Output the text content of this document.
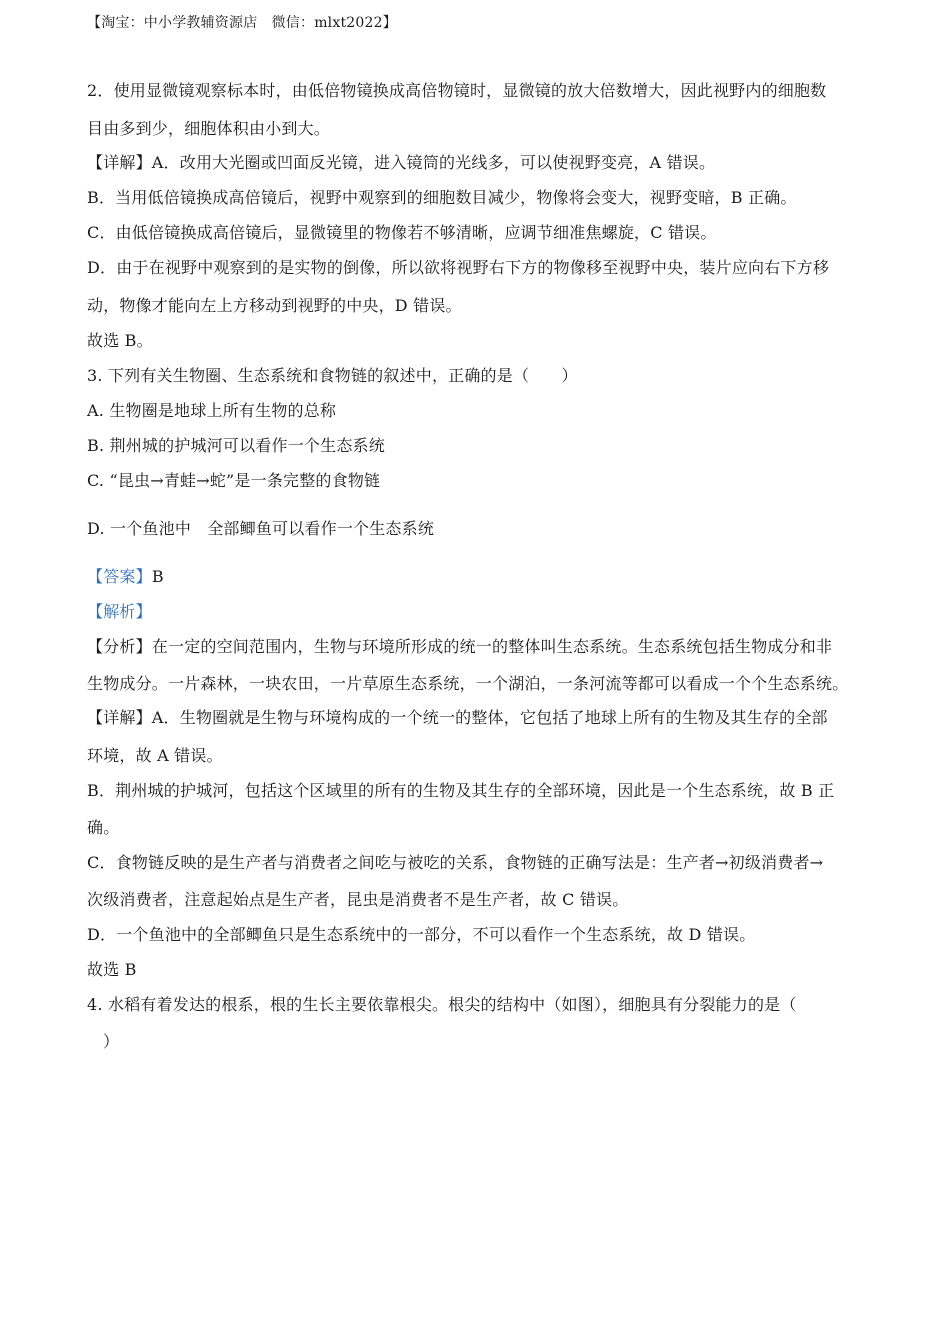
【淘宝：中小学教辅资源店　微信：mlxt2022】
2．使用显微镜观察标本时，由低倍物镜换成高倍物镜时，显微镜的放大倍数增大，因此视野内的细胞数
目由多到少，细胞体积由小到大。
【详解】A．改用大光圈或凹面反光镜，进入镜筒的光线多，可以使视野变亮，A 错误。
B．当用低倍镜换成高倍镜后，视野中观察到的细胞数目减少，物像将会变大，视野变暗，B 正确。
C．由低倍镜换成高倍镜后，显微镜里的物像若不够清晰，应调节细准焦螺旋，C 错误。
D．由于在视野中观察到的是实物的倒像，所以欲将视野右下方的物像移至视野中央，装片应向右下方移
动，物像才能向左上方移动到视野的中央，D 错误。
故选 B。
3. 下列有关生物圈、生态系统和食物链的叙述中，正确的是（　　）
A. 生物圈是地球上所有生物的总称
B. 荆州城的护城河可以看作一个生态系统
C. “昆虫→青蛙→蛇”是一条完整的食物链
D. 一个鱼池中　全部鲫鱼可以看作一个生态系统
【答案】B
【解析】
【分析】在一定的空间范围内，生物与环境所形成的统一的整体叫生态系统。生态系统包括生物成分和非
生物成分。一片森林，一块农田，一片草原生态系统，一个湖泊，一条河流等都可以看成一个个生态系统。
【详解】A．生物圈就是生物与环境构成的一个统一的整体，它包括了地球上所有的生物及其生存的全部
环境，故 A 错误。
B．荆州城的护城河，包括这个区域里的所有的生物及其生存的全部环境，因此是一个生态系统，故 B 正
确。
C．食物链反映的是生产者与消费者之间吃与被吃的关系，食物链的正确写法是：生产者→初级消费者→
次级消费者，注意起始点是生产者，昆虫是消费者不是生产者，故 C 错误。
D．一个鱼池中的全部鲫鱼只是生态系统中的一部分，不可以看作一个生态系统，故 D 错误。
故选 B
4. 水稻有着发达的根系，根的生长主要依靠根尖。根尖的结构中（如图），细胞具有分裂能力的是（
）
